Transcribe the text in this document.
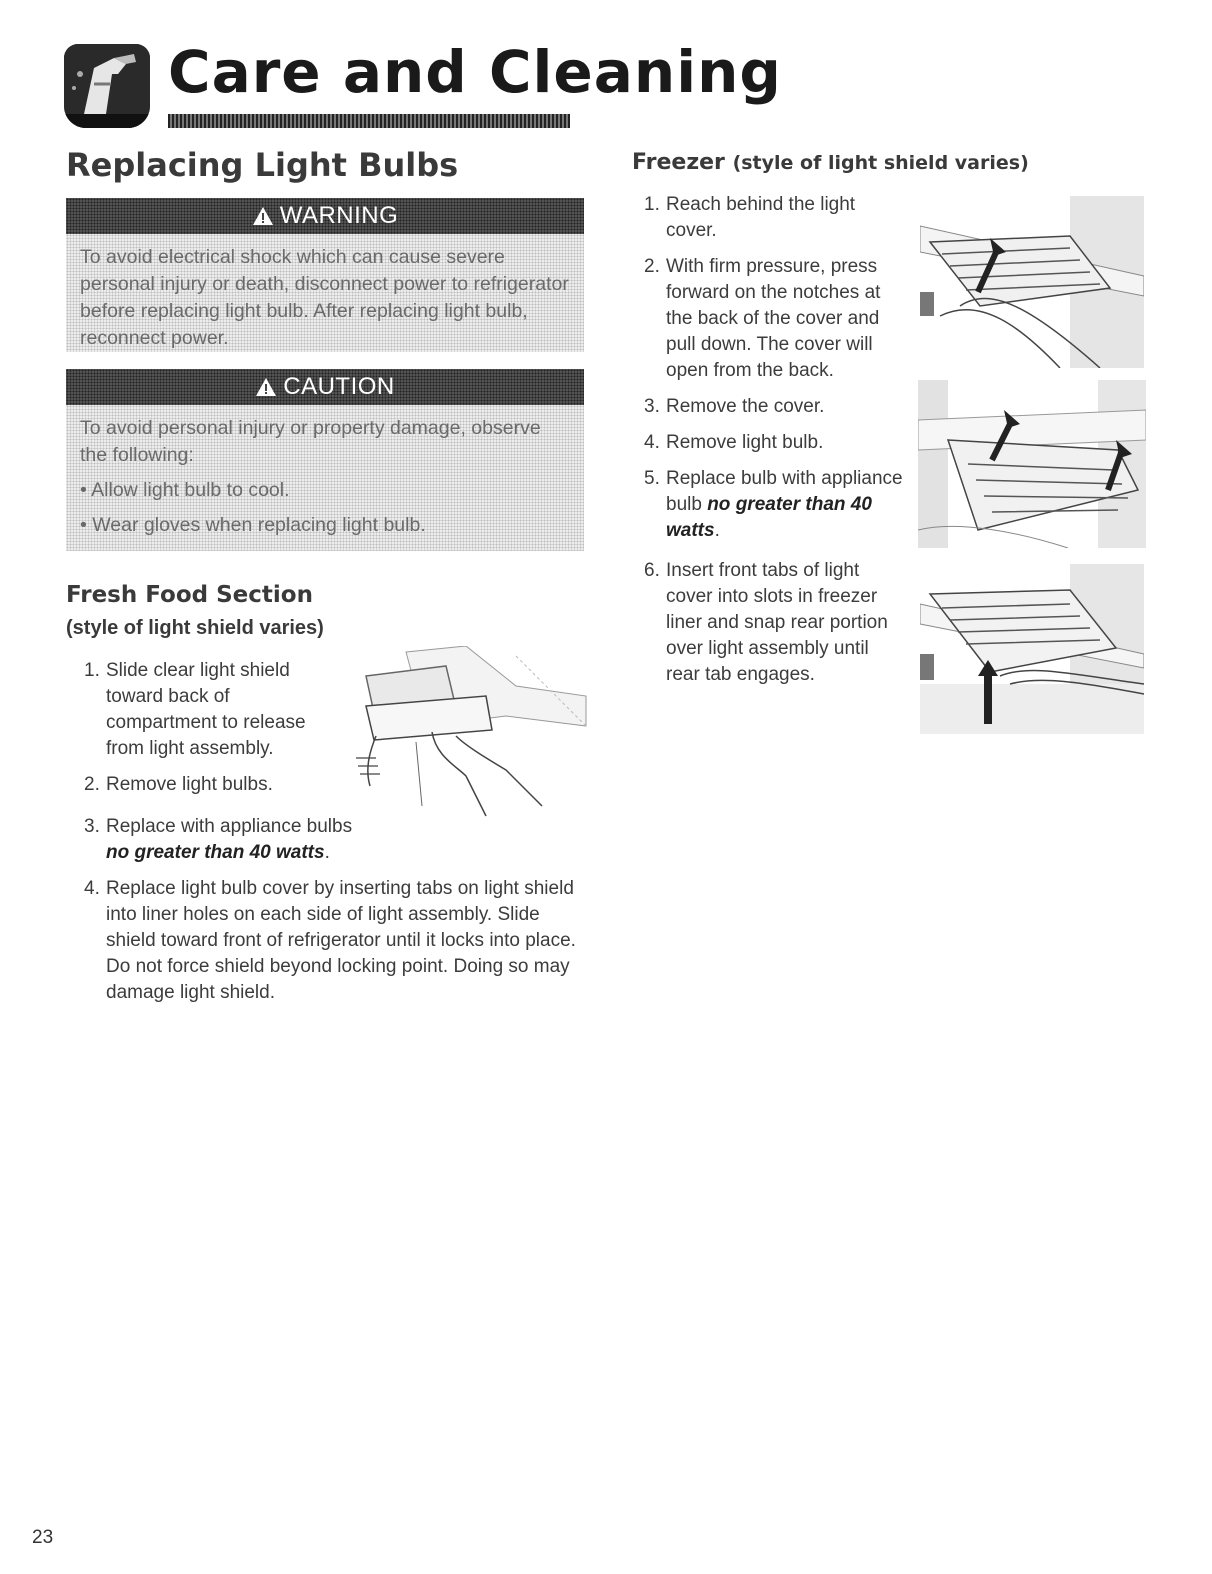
Care and Cleaning
Replacing Light Bulbs
WARNING

To avoid electrical shock which can cause severe personal injury or death, disconnect power to refrigerator before replacing light bulb. After replacing light bulb, reconnect power.

CAUTION

To avoid personal injury or property damage, observe the following:

• Allow light bulb to cool.

• Wear gloves when replacing light bulb.

Fresh Food Section
(style of light shield varies)
1. Slide clear light shield toward back of compartment to release from light assembly.
2. Remove light bulbs.
3. Replace with appliance bulbs no greater than 40 watts.
4. Replace light bulb cover by inserting tabs on light shield into liner holes on each side of light assembly. Slide shield toward front of refrigerator until it locks into place. Do not force shield beyond locking point. Doing so may damage light shield.
Freezer (style of light shield varies)
1. Reach behind the light cover.
2. With firm pressure, press forward on the notches at the back of the cover and pull down. The cover will open from the back.
3. Remove the cover.
4. Remove light bulb.
5. Replace bulb with appliance bulb no greater than 40 watts.
6. Insert front tabs of light cover into slots in freezer liner and snap rear portion over light assembly until rear tab engages.
23
